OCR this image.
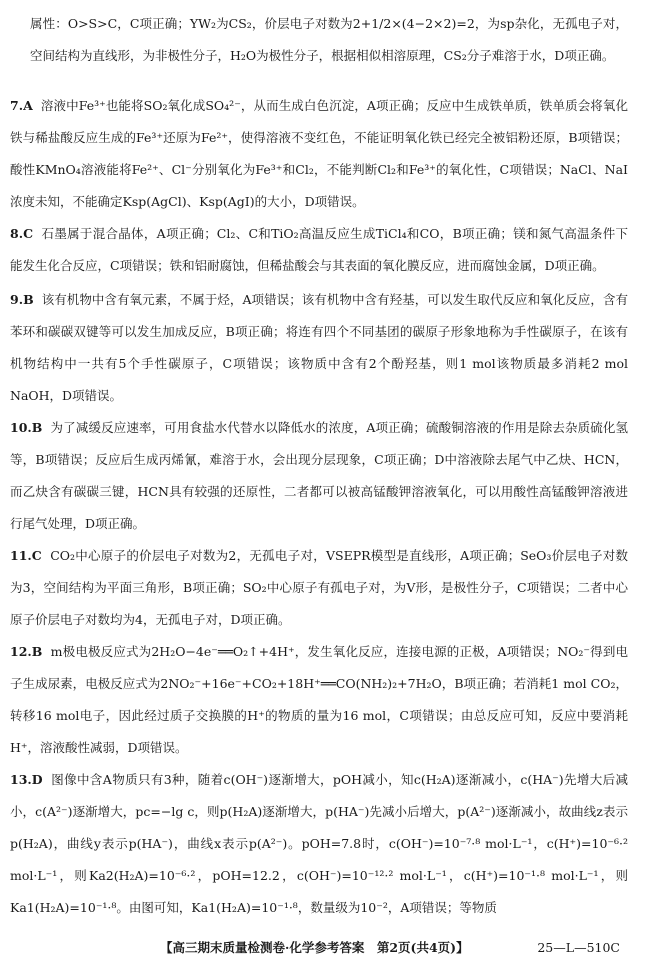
属性：O>S>C，C项正确；YW₂为CS₂，价层电子对数为2+1/2×(4−2×2)=2，为sp杂化，无孤电子对，空间结构为直线形，为非极性分子，H₂O为极性分子，根据相似相溶原理，CS₂分子难溶于水，D项正确。
7.A 溶液中Fe³⁺也能将SO₂氧化成SO₄²⁻，从而生成白色沉淀，A项正确；反应中生成铁单质，铁单质会将氧化铁与稀盐酸反应生成的Fe³⁺还原为Fe²⁺，使得溶液不变红色，不能证明氧化铁已经完全被铝粉还原，B项错误；酸性KMnO₄溶液能将Fe²⁺、Cl⁻分别氧化为Fe³⁺和Cl₂，不能判断Cl₂和Fe³⁺的氧化性，C项错误；NaCl、NaI浓度未知，不能确定Ksp(AgCl)、Ksp(AgI)的大小，D项错误。
8.C 石墨属于混合晶体，A项正确；Cl₂、C和TiO₂高温反应生成TiCl₄和CO，B项正确；镁和氮气高温条件下能发生化合反应，C项错误；铁和铝耐腐蚀，但稀盐酸会与其表面的氧化膜反应，进而腐蚀金属，D项正确。
9.B 该有机物中含有氧元素，不属于烃，A项错误；该有机物中含有羟基，可以发生取代反应和氧化反应，含有苯环和碳碳双键等可以发生加成反应，B项正确；将连有四个不同基团的碳原子形象地称为手性碳原子，在该有机物结构中一共有5个手性碳原子，C项错误；该物质中含有2个酚羟基，则1 mol该物质最多消耗2 mol NaOH，D项错误。
10.B 为了减缓反应速率，可用食盐水代替水以降低水的浓度，A项正确；硫酸铜溶液的作用是除去杂质硫化氢等，B项错误；反应后生成丙烯氰，难溶于水，会出现分层现象，C项正确；D中溶液除去尾气中乙炔、HCN，而乙炔含有碳碳三键，HCN具有较强的还原性，二者都可以被高锰酸钾溶液氧化，可以用酸性高锰酸钾溶液进行尾气处理，D项正确。
11.C CO₂中心原子的价层电子对数为2，无孤电子对，VSEPR模型是直线形，A项正确；SeO₃价层电子对数为3，空间结构为平面三角形，B项正确；SO₂中心原子有孤电子对，为V形，是极性分子，C项错误；二者中心原子价层电子对数均为4，无孤电子对，D项正确。
12.B m极电极反应式为2H₂O−4e⁻══O₂↑+4H⁺，发生氧化反应，连接电源的正极，A项错误；NO₂⁻得到电子生成尿素，电极反应式为2NO₂⁻+16e⁻+CO₂+18H⁺══CO(NH₂)₂+7H₂O，B项正确；若消耗1 mol CO₂，转移16 mol电子，因此经过质子交换膜的H⁺的物质的量为16 mol，C项错误；由总反应可知，反应中要消耗H⁺，溶液酸性减弱，D项错误。
13.D 图像中含A物质只有3种，随着c(OH⁻)逐渐增大，pOH减小，知c(H₂A)逐渐减小，c(HA⁻)先增大后减小，c(A²⁻)逐渐增大，pc=−lg c，则p(H₂A)逐渐增大，p(HA⁻)先减小后增大，p(A²⁻)逐渐减小，故曲线z表示p(H₂A)，曲线y表示p(HA⁻)，曲线x表示p(A²⁻)。pOH=7.8时，c(OH⁻)=10⁻⁷·⁸ mol·L⁻¹，c(H⁺)=10⁻⁶·² mol·L⁻¹，则Ka2(H₂A)=10⁻⁶·²，pOH=12.2，c(OH⁻)=10⁻¹²·² mol·L⁻¹，c(H⁺)=10⁻¹·⁸ mol·L⁻¹，则Ka1(H₂A)=10⁻¹·⁸。由图可知，Ka1(H₂A)=10⁻¹·⁸，数量级为10⁻²，A项错误；等物质
【高三期末质量检测卷·化学参考答案　第2页(共4页)】	25—L—510C
